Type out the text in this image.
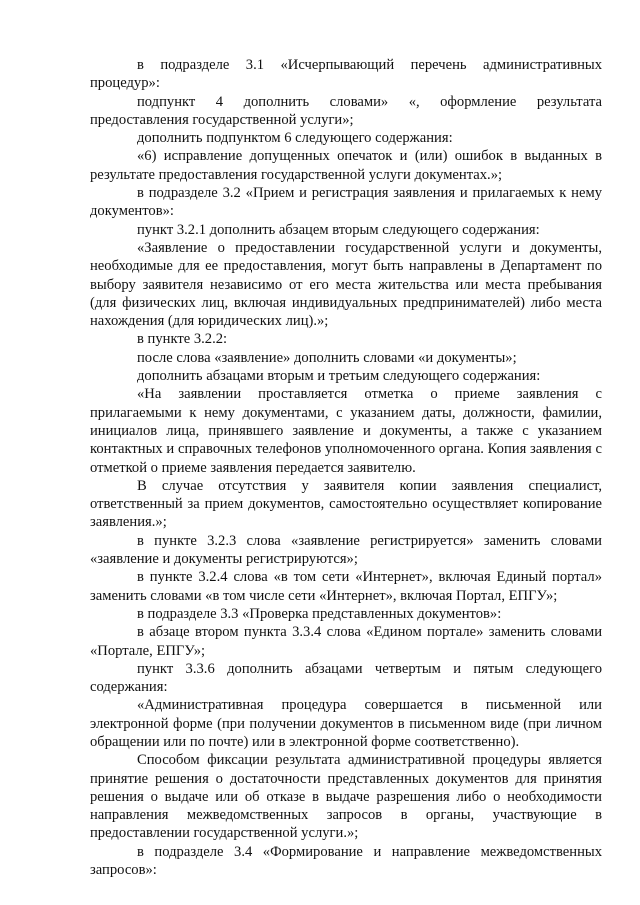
в подразделе 3.1 «Исчерпывающий перечень административных процедур»:

подпункт 4 дополнить словами» «, оформление результата предоставления государственной услуги»;

дополнить подпунктом 6 следующего содержания:

«6) исправление допущенных опечаток и (или) ошибок в выданных в результате предоставления государственной услуги документах.»;

в подразделе 3.2 «Прием и регистрация заявления и прилагаемых к нему документов»:

пункт 3.2.1 дополнить абзацем вторым следующего содержания:

«Заявление о предоставлении государственной услуги и документы, необходимые для ее предоставления, могут быть направлены в Департамент по выбору заявителя независимо от его места жительства или места пребывания (для физических лиц, включая индивидуальных предпринимателей) либо места нахождения (для юридических лиц).»;

в пункте 3.2.2:

после слова «заявление» дополнить словами «и документы»;

дополнить абзацами вторым и третьим следующего содержания:

«На заявлении проставляется отметка о приеме заявления с прилагаемыми к нему документами, с указанием даты, должности, фамилии, инициалов лица, принявшего заявление и документы, а также с указанием контактных и справочных телефонов уполномоченного органа. Копия заявления с отметкой о приеме заявления передается заявителю.

В случае отсутствия у заявителя копии заявления специалист, ответственный за прием документов, самостоятельно осуществляет копирование заявления.»;

в пункте 3.2.3 слова «заявление регистрируется» заменить словами «заявление и документы регистрируются»;

в пункте 3.2.4 слова «в том сети «Интернет», включая Единый портал» заменить словами «в том числе сети «Интернет», включая Портал, ЕПГУ»;

в подразделе 3.3 «Проверка представленных документов»:

в абзаце втором пункта 3.3.4 слова «Едином портале» заменить словами «Портале, ЕПГУ»;

пункт 3.3.6 дополнить абзацами четвертым и пятым следующего содержания:

«Административная процедура совершается в письменной или электронной форме (при получении документов в письменном виде (при личном обращении или по почте) или в электронной форме соответственно).

Способом фиксации результата административной процедуры является принятие решения о достаточности представленных документов для принятия решения о выдаче или об отказе в выдаче разрешения либо о необходимости направления межведомственных запросов в органы, участвующие в предоставлении государственной услуги.»;

в подразделе 3.4 «Формирование и направление межведомственных запросов»:
